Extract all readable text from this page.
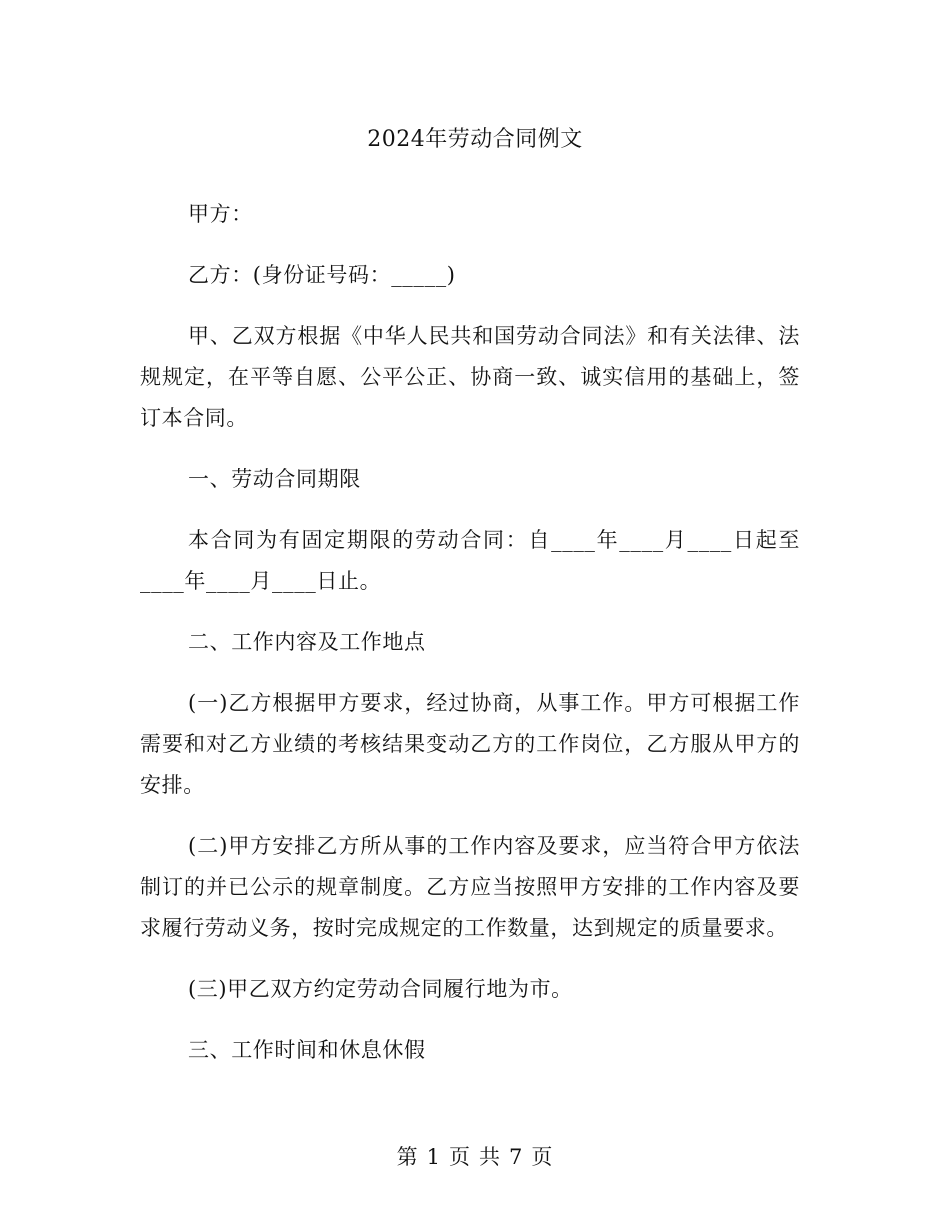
2024年劳动合同例文

甲方：

乙方：(身份证号码：_____)

甲、乙双方根据《中华人民共和国劳动合同法》和有关法律、法规规定，在平等自愿、公平公正、协商一致、诚实信用的基础上，签订本合同。

一、劳动合同期限

本合同为有固定期限的劳动合同：自____年____月____日起至____年____月____日止。

二、工作内容及工作地点

(一)乙方根据甲方要求，经过协商，从事工作。甲方可根据工作需要和对乙方业绩的考核结果变动乙方的工作岗位，乙方服从甲方的安排。

(二)甲方安排乙方所从事的工作内容及要求，应当符合甲方依法制订的并已公示的规章制度。乙方应当按照甲方安排的工作内容及要求履行劳动义务，按时完成规定的工作数量，达到规定的质量要求。

(三)甲乙双方约定劳动合同履行地为市。

三、工作时间和休息休假

第 1 页 共 7 页
